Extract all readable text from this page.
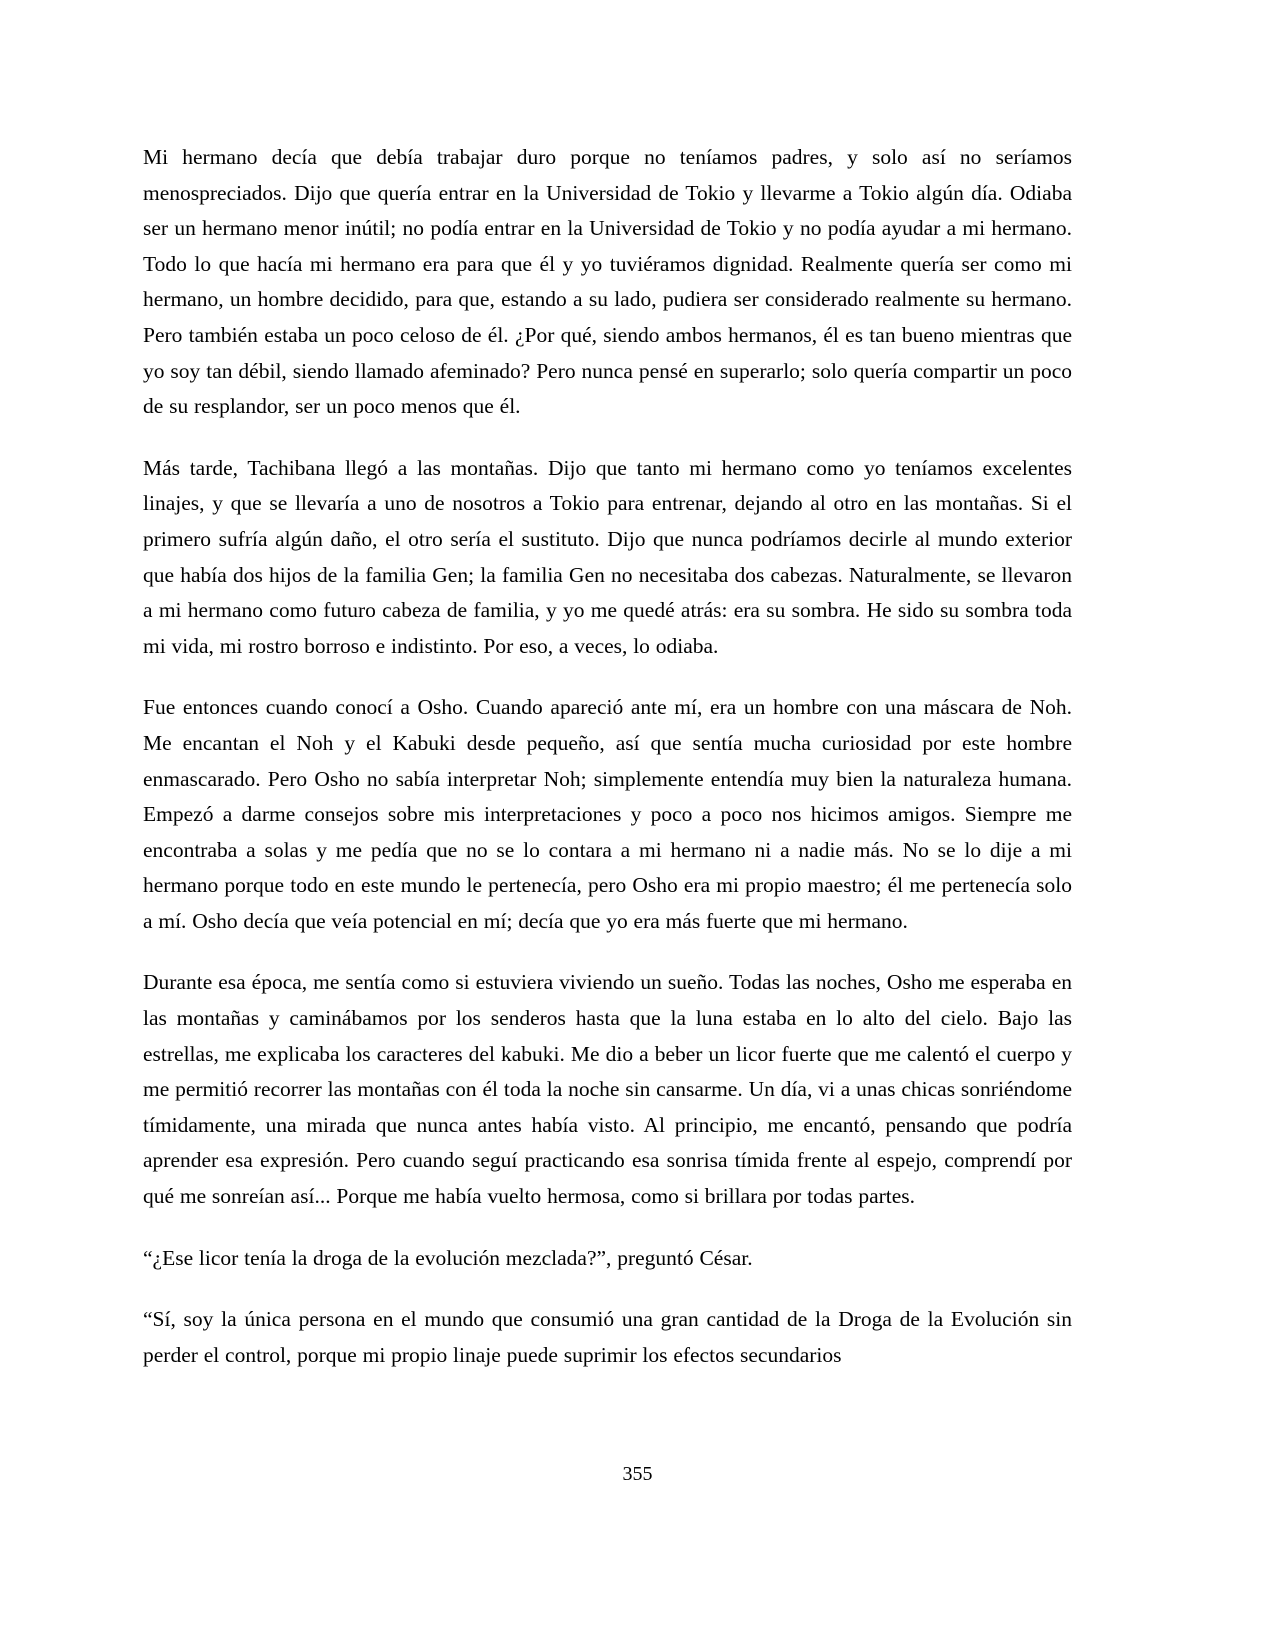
Mi hermano decía que debía trabajar duro porque no teníamos padres, y solo así no seríamos menospreciados. Dijo que quería entrar en la Universidad de Tokio y llevarme a Tokio algún día. Odiaba ser un hermano menor inútil; no podía entrar en la Universidad de Tokio y no podía ayudar a mi hermano. Todo lo que hacía mi hermano era para que él y yo tuviéramos dignidad. Realmente quería ser como mi hermano, un hombre decidido, para que, estando a su lado, pudiera ser considerado realmente su hermano. Pero también estaba un poco celoso de él. ¿Por qué, siendo ambos hermanos, él es tan bueno mientras que yo soy tan débil, siendo llamado afeminado? Pero nunca pensé en superarlo; solo quería compartir un poco de su resplandor, ser un poco menos que él.

Más tarde, Tachibana llegó a las montañas. Dijo que tanto mi hermano como yo teníamos excelentes linajes, y que se llevaría a uno de nosotros a Tokio para entrenar, dejando al otro en las montañas. Si el primero sufría algún daño, el otro sería el sustituto. Dijo que nunca podríamos decirle al mundo exterior que había dos hijos de la familia Gen; la familia Gen no necesitaba dos cabezas. Naturalmente, se llevaron a mi hermano como futuro cabeza de familia, y yo me quedé atrás: era su sombra. He sido su sombra toda mi vida, mi rostro borroso e indistinto. Por eso, a veces, lo odiaba.

Fue entonces cuando conocí a Osho. Cuando apareció ante mí, era un hombre con una máscara de Noh. Me encantan el Noh y el Kabuki desde pequeño, así que sentía mucha curiosidad por este hombre enmascarado. Pero Osho no sabía interpretar Noh; simplemente entendía muy bien la naturaleza humana. Empezó a darme consejos sobre mis interpretaciones y poco a poco nos hicimos amigos. Siempre me encontraba a solas y me pedía que no se lo contara a mi hermano ni a nadie más. No se lo dije a mi hermano porque todo en este mundo le pertenecía, pero Osho era mi propio maestro; él me pertenecía solo a mí. Osho decía que veía potencial en mí; decía que yo era más fuerte que mi hermano.

Durante esa época, me sentía como si estuviera viviendo un sueño. Todas las noches, Osho me esperaba en las montañas y caminábamos por los senderos hasta que la luna estaba en lo alto del cielo. Bajo las estrellas, me explicaba los caracteres del kabuki. Me dio a beber un licor fuerte que me calentó el cuerpo y me permitió recorrer las montañas con él toda la noche sin cansarme. Un día, vi a unas chicas sonriéndome tímidamente, una mirada que nunca antes había visto. Al principio, me encantó, pensando que podría aprender esa expresión. Pero cuando seguí practicando esa sonrisa tímida frente al espejo, comprendí por qué me sonreían así... Porque me había vuelto hermosa, como si brillara por todas partes.

“¿Ese licor tenía la droga de la evolución mezclada?”, preguntó César.

“Sí, soy la única persona en el mundo que consumió una gran cantidad de la Droga de la Evolución sin perder el control, porque mi propio linaje puede suprimir los efectos secundarios

355
